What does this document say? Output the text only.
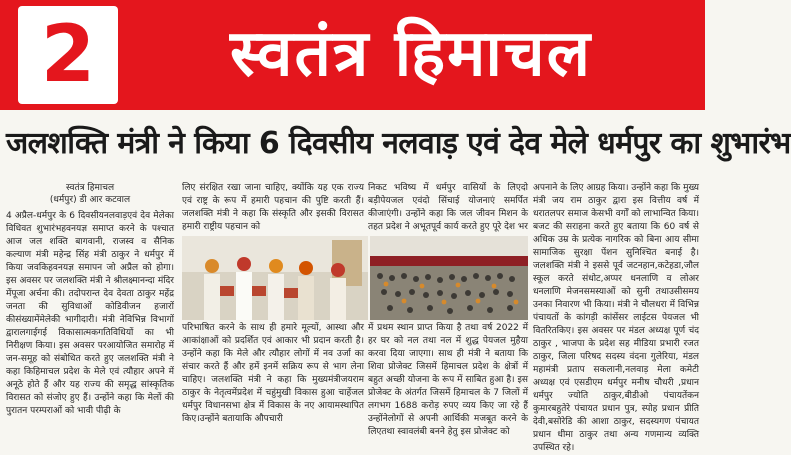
2	स्वतंत्र हिमाचल
जलशक्ति मंत्री ने किया 6 दिवसीय नलवाड़ एवं देव मेले धर्मपुर का शुभारंभ
स्वतंत्र हिमाचल
(धर्मपुर) डी आर कटवाल

4 अप्रैल-धर्मपुर के 6 दिवसीयनलवाड़एवं देव मेलेका विधिवत शुभारंभहवनयज्ञ समाप्त करने के पश्चात आज जल शक्ति बागवानी, राजस्व व सैनिक कल्याण मंत्री महेन्द्र सिंह मंत्री ठाकुर ने धर्मपुर में किया जवकिहवनयज्ञ समापन जो अप्रैल को होगा। इस अवसर पर जलशक्ति मंत्री ने श्रीलक्ष्मानन्दा मंदिर मेंपूजा अर्चना की। तदोपरान्त देव देवता ठाकुर महेंद्र जनता की सुविधाओं कोडिवीजन हजारों कीसंख्यामेंमेलेकी भागीदारी। मंत्री नेविभिन्न विभागों द्वारालगाईगई विकासात्मकगतिविधियों का भी निरीक्षण किया। इस अवसर परआयोजित समारोह में जन-समूह को संबोधित करते हुए जलशक्ति मंत्री ने कहा किहिमाचल प्रदेश के मेले एवं त्यौहार अपने में अनूठे होते हैं और यह राज्य की समृद्ध सांस्कृतिक विरासत को संजोए हुए हैं। उन्होंने कहा कि मेलों की पुरातन परम्पराओं को भावी पीढ़ी के

लिए संरक्षित रखा जाना चाहिए, क्योंकि यह एक राज्य एवं राष्ट्र के रूप में हमारी पहचान की पुष्टि करती हैं।जलशक्ति मंत्री ने कहा कि संस्कृति और इसकी विरासत हमारी राष्ट्रीय पहचान को

निकट भविष्य में धर्मपुर वासियों के लिएदो बड़ीपेयजल एवंदो सिंचाई योजनाएं समर्पित कीजाएंगी। उन्होंने कहा कि जल जीवन मिशन के तहत प्रदेश ने अभूतपूर्व कार्य करते हुए पूरे देश भर

परिभाषित करने के साथ ही हमारे मूल्यों, आस्था और आकांक्षाओं को प्रदर्शित एवं आकार भी प्रदान करती है। उन्होंने कहा कि मेले और त्यौहार लोगों में नव उर्जा का संचार करते हैं और हमें इनमें सक्रिय रूप से भाग लेना चाहिए। जलशक्ति मंत्री ने कहा कि मुख्यमंत्रीजयराम ठाकुर के नेतृत्वमेंप्रदेश में चहुंमुखी विकास हुआ चाहेंजल धर्मपुर विधानसभा क्षेत्र में विकास के नए आयामस्थापित किए।उन्होंने बतायाकि औपचारी

में प्रथम स्थान प्राप्त किया है तथा वर्ष 2022 में हर घर को नल तथा नल में शुद्ध पेयजल मुहैया करवा दिया जाएगा। साथ ही मंत्री ने बताया कि शिवा प्रोजेक्ट जिसमें हिमाचल प्रदेश के क्षेत्रों में बहुत अच्छी योजना के रूप में साबित हुआ है। इस प्रोजेक्ट के अंतर्गत जिसमें हिमाचल के 7 जिलों में लगभग 1688 करोड़ रुपए व्यय किए जा रहे हैं उन्होंनेलोगों से अपनी आर्थिकी मजबूत करने के लिएतथा स्वावलंबी बनने हेतु इस प्रोजेक्ट को

अपनाने के लिए आग्रह किया। उन्होंने कहा कि मुख्य मंत्री जय राम ठाकुर द्वारा इस वित्तीय वर्ष में धरातलपर समाज केसभी वर्गों को लाभान्वित किया। बजट की सराहना करते हुए बताया कि 60 वर्ष से अधिक उम्र के प्रत्येक नागरिक को बिना आय सीमा सामाजिक सुरक्षा पेंशन सुनिश्चित बनाई है। जलशक्ति मंत्री ने इससे पूर्व जटनहान,कटेहडा,जौल स्कूल करते संधोट,अप्पर धनलाणि व लोअर धनलाणि मेजनसमस्याओं को सुनी तथाउसीसमय उनका निवारण भी किया। मंत्री ने चौलधरा में विभिन्न पंचायतों के कांगड़ी कांसेंसर लाईटस पेयजल भी वितरितकिए। इस अवसर पर मंडल अध्यक्ष पूर्ण चंद ठाकुर , भाजपा के प्रदेश सह मीडिया प्रभारी रजत ठाकुर, जिला परिषद सदस्य वंदना गुलेरिया, मंडल महामंत्री प्रताप सकलानी,नलवाड़ मेला कमेटी अध्यक्ष एवं एसडीएम धर्मपुर मनीष चौधरी ,प्रधान धर्मपुर ज्योति ठाकुर,बीडीओ पंचायतेंकन कुमारबहुतेरे पंचायत प्रधान पुत्र, स्पोह प्रधान प्रीति देवी,बसोरेडि की आशा ठाकुर, सदस्यगण पंचायत प्रधान धीमा ठाकुर तथा अन्य गणमान्य व्यक्ति उपस्थित रहे।
